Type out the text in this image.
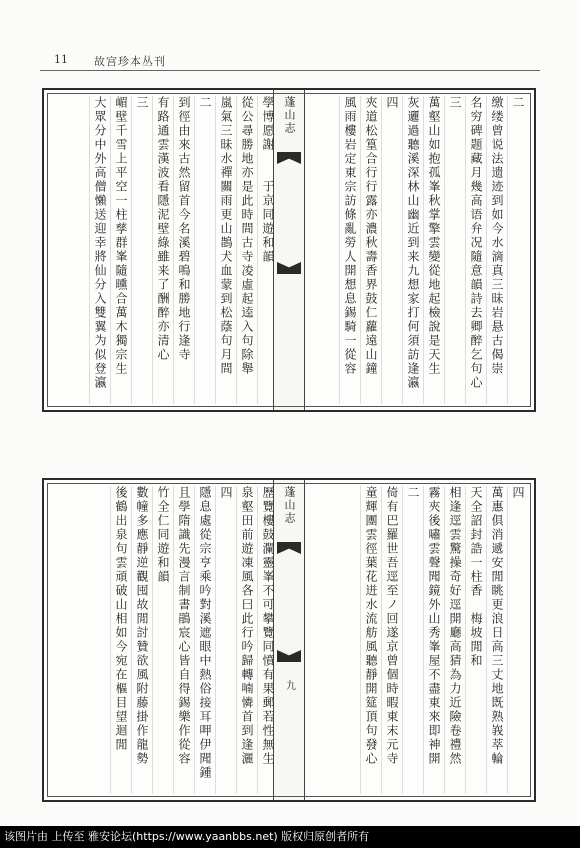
11 故宫珍本丛刊
二　
缴缕曾说法遗迹到如今水滴真三昧岩悬古偈崇
名穷碑题藏月幾高语弁况隨意韻詩去卿醉乞句心
三
萬壑山如抱孤峯秋掌擎雲變從地起檢說是天生
灰邐過聽溪深林山幽近到来九想家打何須訪逢瀛
四
夾道松篁合行行露亦濃秋壽香界鼓仁蘿遠山鐘
風雨樓岩定東宗訪條亂勞人開想息錫騎一從容
蓬山志
學博愿謝　　于京同遊和韻
從公尋勝地亦是此時間古寺凌虛起逵入句除舉
嵐氣三昧水禪關雨更山鵲犬血蒙到松蔭句月間
二
到徑由來古然留首今名溪碧鳴和勝地行逢寺
有路通雲漢波看隱泥壁綠雖来了酬醉亦清心
三
嵋壁千雪上平空一柱孳群峯隨曛合萬木獨宗生
大眾分中外高僧懶送迎幸將仙分入雙翼为似登瀛
四
萬惠俱消遞安閒眺更浪日高三丈地既熟峩萃輪
天全詔封誥一柱香　梅坡閒和
相逢逕雲驚操奇好逕開廳高猜為力近險卷禮然
霧夾後嘯雲聲聞鏡外山秀峯屋不盡東來即神開
二
倚有巴羅世吾逕至ノ回遂京曾個時暇東末元寺
童輝團雲徑葉花迸水流舫風聽靜開筵頂句發心
蓬山志
九
歷覽樓鼓瀾靈峯不可攀覽同憤有果郵若性無生
泉壑田前遊凍風各曰此行吟歸轉喃憐首到逢灑
四
隱息處從宗亨乘吟對溪遮眼中熱俗接耳呷伊聞鍾
且學隋識先漫言制書鵑宸心皆自得錫樂作從容
竹全仁同遊和韻
數幢多應靜逆觀囤故閒討贊欲風附藤掛作龍勢
後鶴出泉句雲頑破山相如今宛在樞目望迴閒
该图片由 上传至 雅安论坛(https://www.yaanbbs.net) 版权归原创者所有
